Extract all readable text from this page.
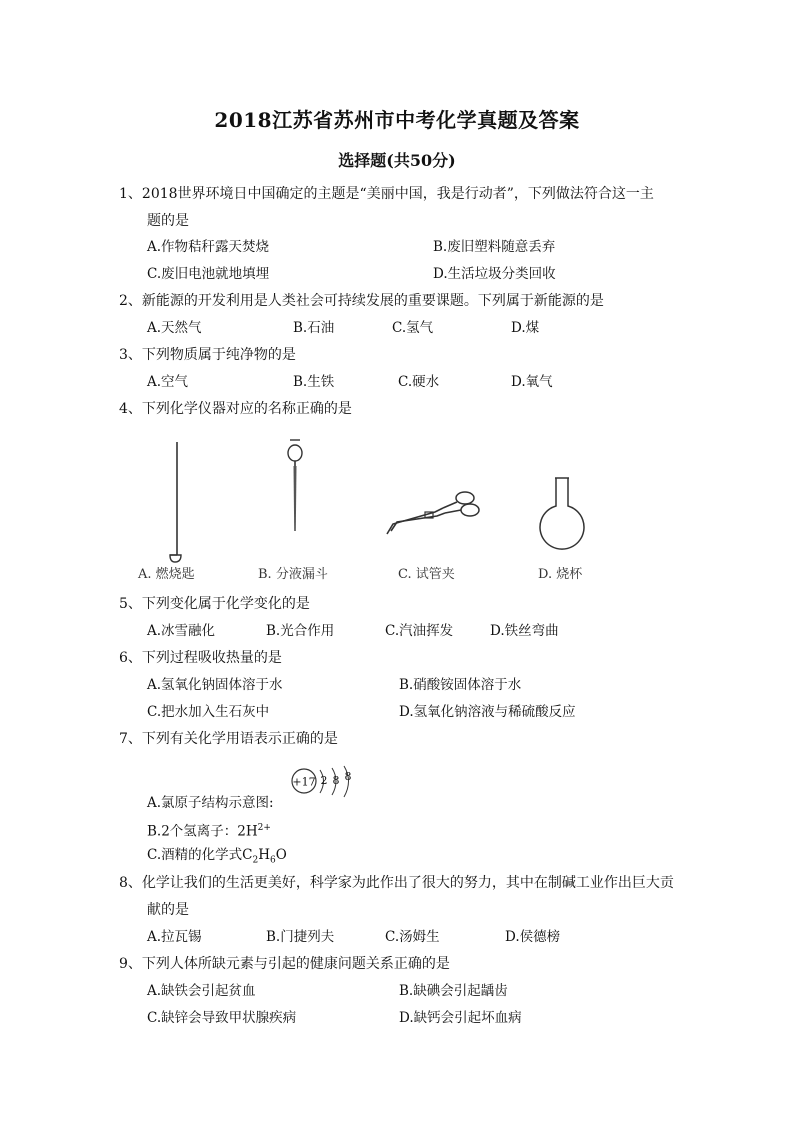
2018江苏省苏州市中考化学真题及答案
选择题(共50分)
1、2018世界环境日中国确定的主题是“美丽中国，我是行动者”，下列做法符合这一主
题的是
A.作物秸秆露天焚烧	B.废旧塑料随意丢弃
C.废旧电池就地填埋	D.生活垃圾分类回收
2、新能源的开发利用是人类社会可持续发展的重要课题。下列属于新能源的是
A.天然气	B.石油	C.氢气	D.煤
3、下列物质属于纯净物的是
A.空气	B.生铁	C.硬水	D.氧气
4、下列化学仪器对应的名称正确的是
A. 燃烧匙	B. 分液漏斗	C. 试管夹	D. 烧杯
5、下列变化属于化学变化的是
A.冰雪融化	B.光合作用	C.汽油挥发	D.铁丝弯曲
6、下列过程吸收热量的是
A.氢氧化钠固体溶于水	B.硝酸铵固体溶于水
C.把水加入生石灰中	D.氢氧化钠溶液与稀硫酸反应
7、下列有关化学用语表示正确的是
+17 2 8 8
A.氯原子结构示意图:
B.2个氢离子：$2H^{2+}$
C.酒精的化学式$C_2H_6O$
8、化学让我们的生活更美好，科学家为此作出了很大的努力，其中在制碱工业作出巨大贡
献的是
A.拉瓦锡	B.门捷列夫	C.汤姆生	D.侯德榜
9、下列人体所缺元素与引起的健康问题关系正确的是
A.缺铁会引起贫血	B.缺碘会引起龋齿
C.缺锌会导致甲状腺疾病	D.缺钙会引起坏血病
